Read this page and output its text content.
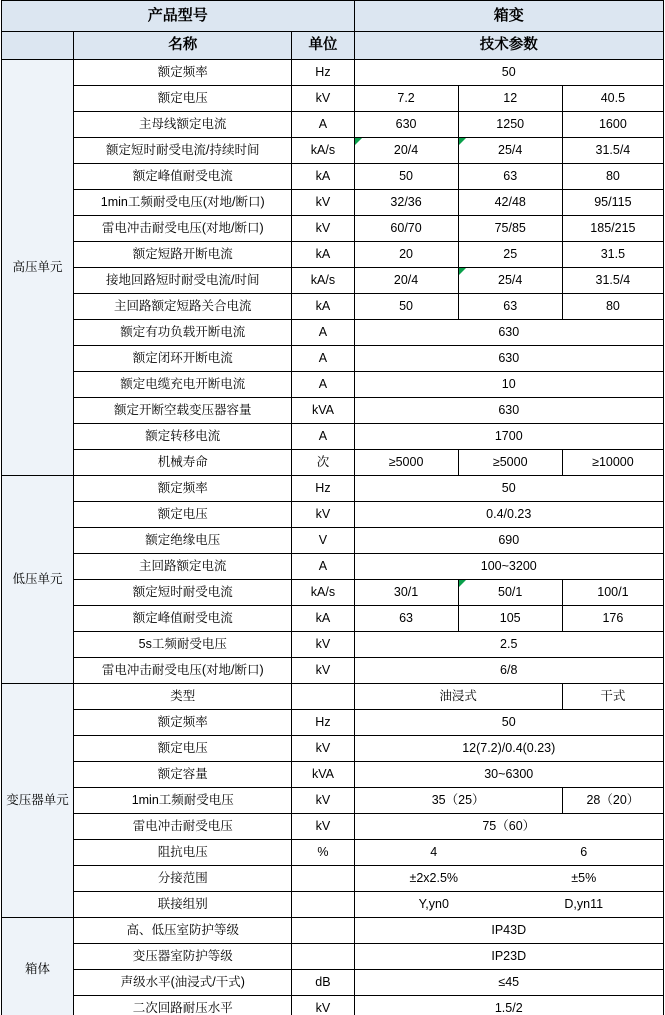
产品型号			箱变		
	名称	单位	技术参数		
高压单元	额定频率	Hz	50		
	额定电压	kV	7.2	12	40.5
	主母线额定电流	A	630	1250	1600
	额定短时耐受电流/持续时间	kA/s	20/4	25/4	31.5/4
	额定峰值耐受电流	kA	50	63	80
	1min工频耐受电压(对地/断口)	kV	32/36	42/48	95/115
	雷电冲击耐受电压(对地/断口)	kV	60/70	75/85	185/215
	额定短路开断电流	kA	20	25	31.5
	接地回路短时耐受电流/时间	kA/s	20/4	25/4	31.5/4
	主回路额定短路关合电流	kA	50	63	80
	额定有功负载开断电流	A	630		
	额定闭环开断电流	A	630		
	额定电缆充电开断电流	A	10		
	额定开断空载变压器容量	kVA	630		
	额定转移电流	A	1700		
	机械寿命	次	≥5000	≥5000	≥10000
低压单元	额定频率	Hz	50		
	额定电压	kV	0.4/0.23		
	额定绝缘电压	V	690		
	主回路额定电流	A	100~3200		
	额定短时耐受电流	kA/s	30/1	50/1	100/1
	额定峰值耐受电流	kA	63	105	176
	5s工频耐受电压	kV	2.5		
	雷电冲击耐受电压(对地/断口)	kV	6/8		
变压器单元	类型		油浸式		干式
	额定频率	Hz	50		
	额定电压	kV	12(7.2)/0.4(0.23)		
	额定容量	kVA	30~6300		
	1min工频耐受电压	kV	35（25）		28（20）
	雷电冲击耐受电压	kV	75（60）		
	阻抗电压	%	4 6		
	分接范围		±2x2.5% ±5%		
	联接组别		Y,yn0 D,yn11		
箱体	高、低压室防护等级		IP43D		
	变压器室防护等级		IP23D		
	声级水平(油浸式/干式)	dB	≤45		
	二次回路耐压水平	kV	1.5/2		
